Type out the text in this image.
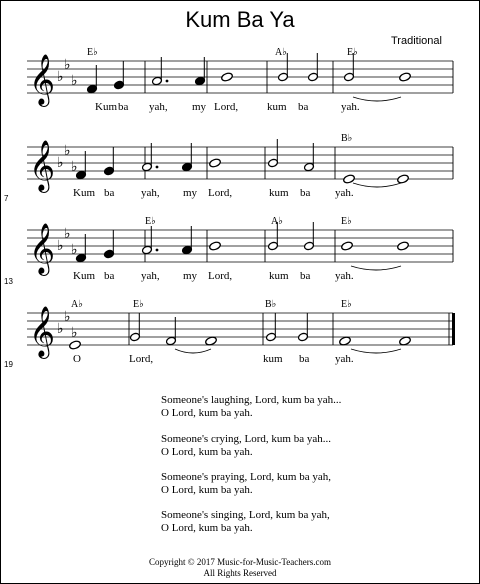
Kum Ba Ya
Traditional
𝄞 ♭
♭
♭
E♭	A♭	E♭
Kum ba yah, my Lord,	kum ba	yah.
𝄞 ♭
♭
♭
B♭
Kum ba yah, my Lord,	kum ba yah.
7
𝄞 ♭
♭
♭
E♭	A♭	E♭
Kum ba yah, my Lord,	kum ba yah.
13
𝄞 ♭
♭
♭
A♭	E♭	B♭	E♭
O	Lord,	kum ba yah.
19
Someone's laughing, Lord, kum ba yah...
O Lord, kum ba yah.
Someone's crying, Lord, kum ba yah...
O Lord, kum ba yah.
Someone's praying, Lord, kum ba yah,
O Lord, kum ba yah.
Someone's singing, Lord, kum ba yah,
O Lord, kum ba yah.
Copyright © 2017 Music-for-Music-Teachers.com
All Rights Reserved
